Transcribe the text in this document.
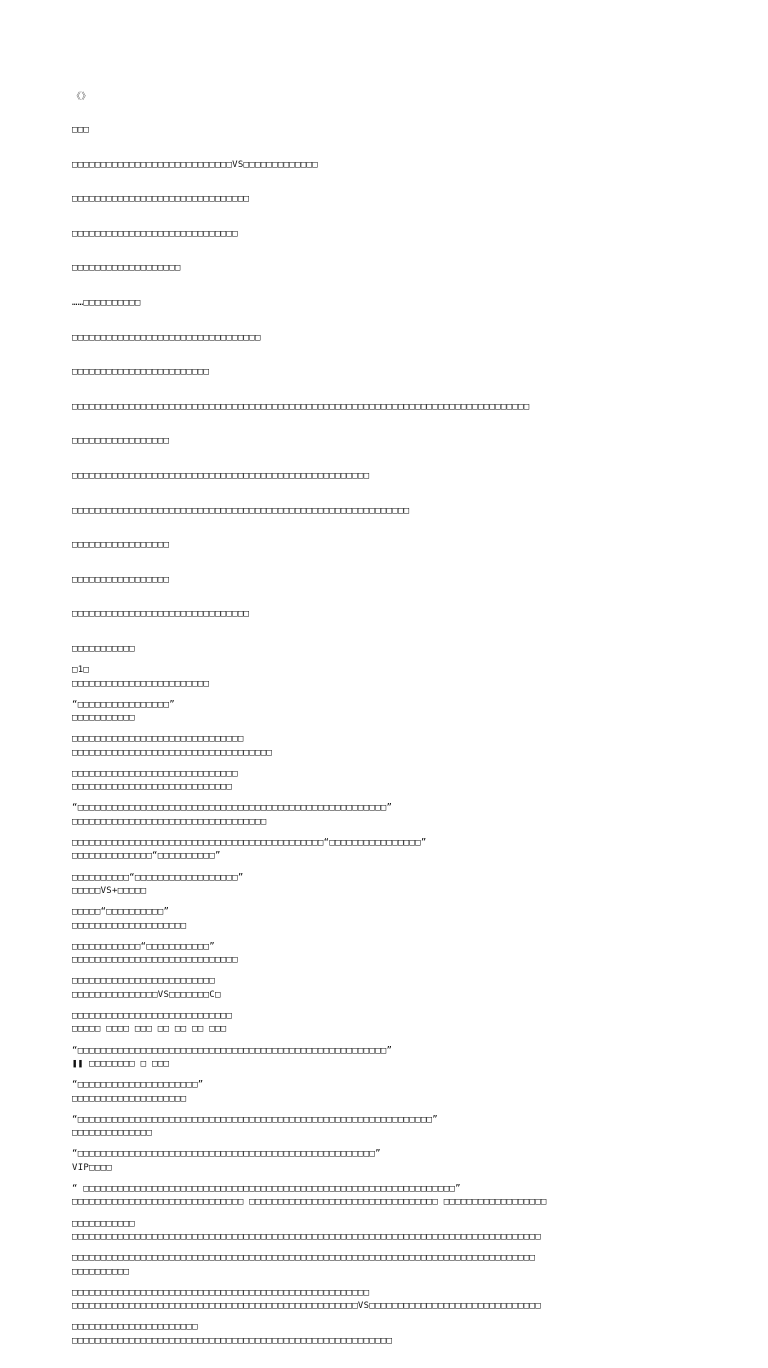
《》

□□□

□□□□□□□□□□□□□□□□□□□□□□□□□□□□VS□□□□□□□□□□□□□

□□□□□□□□□□□□□□□□□□□□□□□□□□□□□□□

□□□□□□□□□□□□□□□□□□□□□□□□□□□□□

□□□□□□□□□□□□□□□□□□□

……□□□□□□□□□□

□□□□□□□□□□□□□□□□□□□□□□□□□□□□□□□□□

□□□□□□□□□□□□□□□□□□□□□□□□

□□□□□□□□□□□□□□□□□□□□□□□□□□□□□□□□□□□□□□□□□□□□□□□□□□□□□□□□□□□□□□□□□□□□□□□□□□□□□□□□

□□□□□□□□□□□□□□□□□

□□□□□□□□□□□□□□□□□□□□□□□□□□□□□□□□□□□□□□□□□□□□□□□□□□□□

□□□□□□□□□□□□□□□□□□□□□□□□□□□□□□□□□□□□□□□□□□□□□□□□□□□□□□□□□□□

□□□□□□□□□□□□□□□□□

□□□□□□□□□□□□□□□□□

□□□□□□□□□□□□□□□□□□□□□□□□□□□□□□□

□□□□□□□□□□□

□□□□□□□□□□□□□□□□□□□□□□□□

□□□□□□□□□□□

□□□□□□□□□□□□□□□□□□□□□□□□□□□□□□□□□□□

□□□□□□□□□□□□□□□□□□□□□□□□□□□□

□□□□□□□□□□□□□□□□□□□□□□□□□□□□□□□□□□

□□□□□□□□□□□□□□“□□□□□□□□□□”

□□□□□VS+□□□□□

□□□□□□□□□□□□□□□□□□□□

□□□□□□□□□□□□□□□□□□□□□□□□□□□□□

□□□□□□□□□□□□□□□VS□□□□□□□C□

□□□□□ □□□□ □□□ □□ □□ □□ □□□

❚❚ □□□□□□□□ □ □□□

□□□□□□□□□□□□□□□□□□□□

□□□□□□□□□□□□□□

VIP□□□□

□□□□□□□□□□□□□□□□□□□□□□□□□□□□□□ □□□□□□□□□□□□□□□□□□□□□□□□□□□□□□□□□ □□□□□□□□□□□□□□□□□□

□□□□□□□□□□□□□□□□□□□□□□□□□□□□□□□□□□□□□□□□□□□□□□□□□□□□□□□□□□□□□□□□□□□□□□□□□□□□□□□□□□

□□□□□□□□□□

□□□□□□□□□□□□□□□□□□□□□□□□□□□□□□□□□□□□□□□□□□□□□□□□□□VS□□□□□□□□□□□□□□□□□□□□□□□□□□□□□□

□□□□□□□□□□□□□□□□□□□□□□□□□□□□□□□□□□□□□□□□□□□□□□□□□□□□□□□□

□1□

“□□□□□□□□□□□□□□□□”

□□□□□□□□□□□□□□□□□□□□□□□□□□□□□□

□□□□□□□□□□□□□□□□□□□□□□□□□□□□□

“□□□□□□□□□□□□□□□□□□□□□□□□□□□□□□□□□□□□□□□□□□□□□□□□□□□□□□”

□□□□□□□□□□□□□□□□□□□□□□□□□□□□□□□□□□□□□□□□□□□□“□□□□□□□□□□□□□□□□”

□□□□□□□□□□“□□□□□□□□□□□□□□□□□□”

□□□□□“□□□□□□□□□□”

□□□□□□□□□□□□“□□□□□□□□□□□”

□□□□□□□□□□□□□□□□□□□□□□□□□

□□□□□□□□□□□□□□□□□□□□□□□□□□□□

“□□□□□□□□□□□□□□□□□□□□□□□□□□□□□□□□□□□□□□□□□□□□□□□□□□□□□□”

“□□□□□□□□□□□□□□□□□□□□□”

“□□□□□□□□□□□□□□□□□□□□□□□□□□□□□□□□□□□□□□□□□□□□□□□□□□□□□□□□□□□□□□”

“□□□□□□□□□□□□□□□□□□□□□□□□□□□□□□□□□□□□□□□□□□□□□□□□□□□□”

“ □□□□□□□□□□□□□□□□□□□□□□□□□□□□□□□□□□□□□□□□□□□□□□□□□□□□□□□□□□□□□□□□□”

□□□□□□□□□□□

□□□□□□□□□□□□□□□□□□□□□□□□□□□□□□□□□□□□□□□□□□□□□□□□□□□□□□□□□□□□□□□□□□□□□□□□□□□□□□□□□

□□□□□□□□□□□□□□□□□□□□□□□□□□□□□□□□□□□□□□□□□□□□□□□□□□□□

□□□□□□□□□□□□□□□□□□□□□□
